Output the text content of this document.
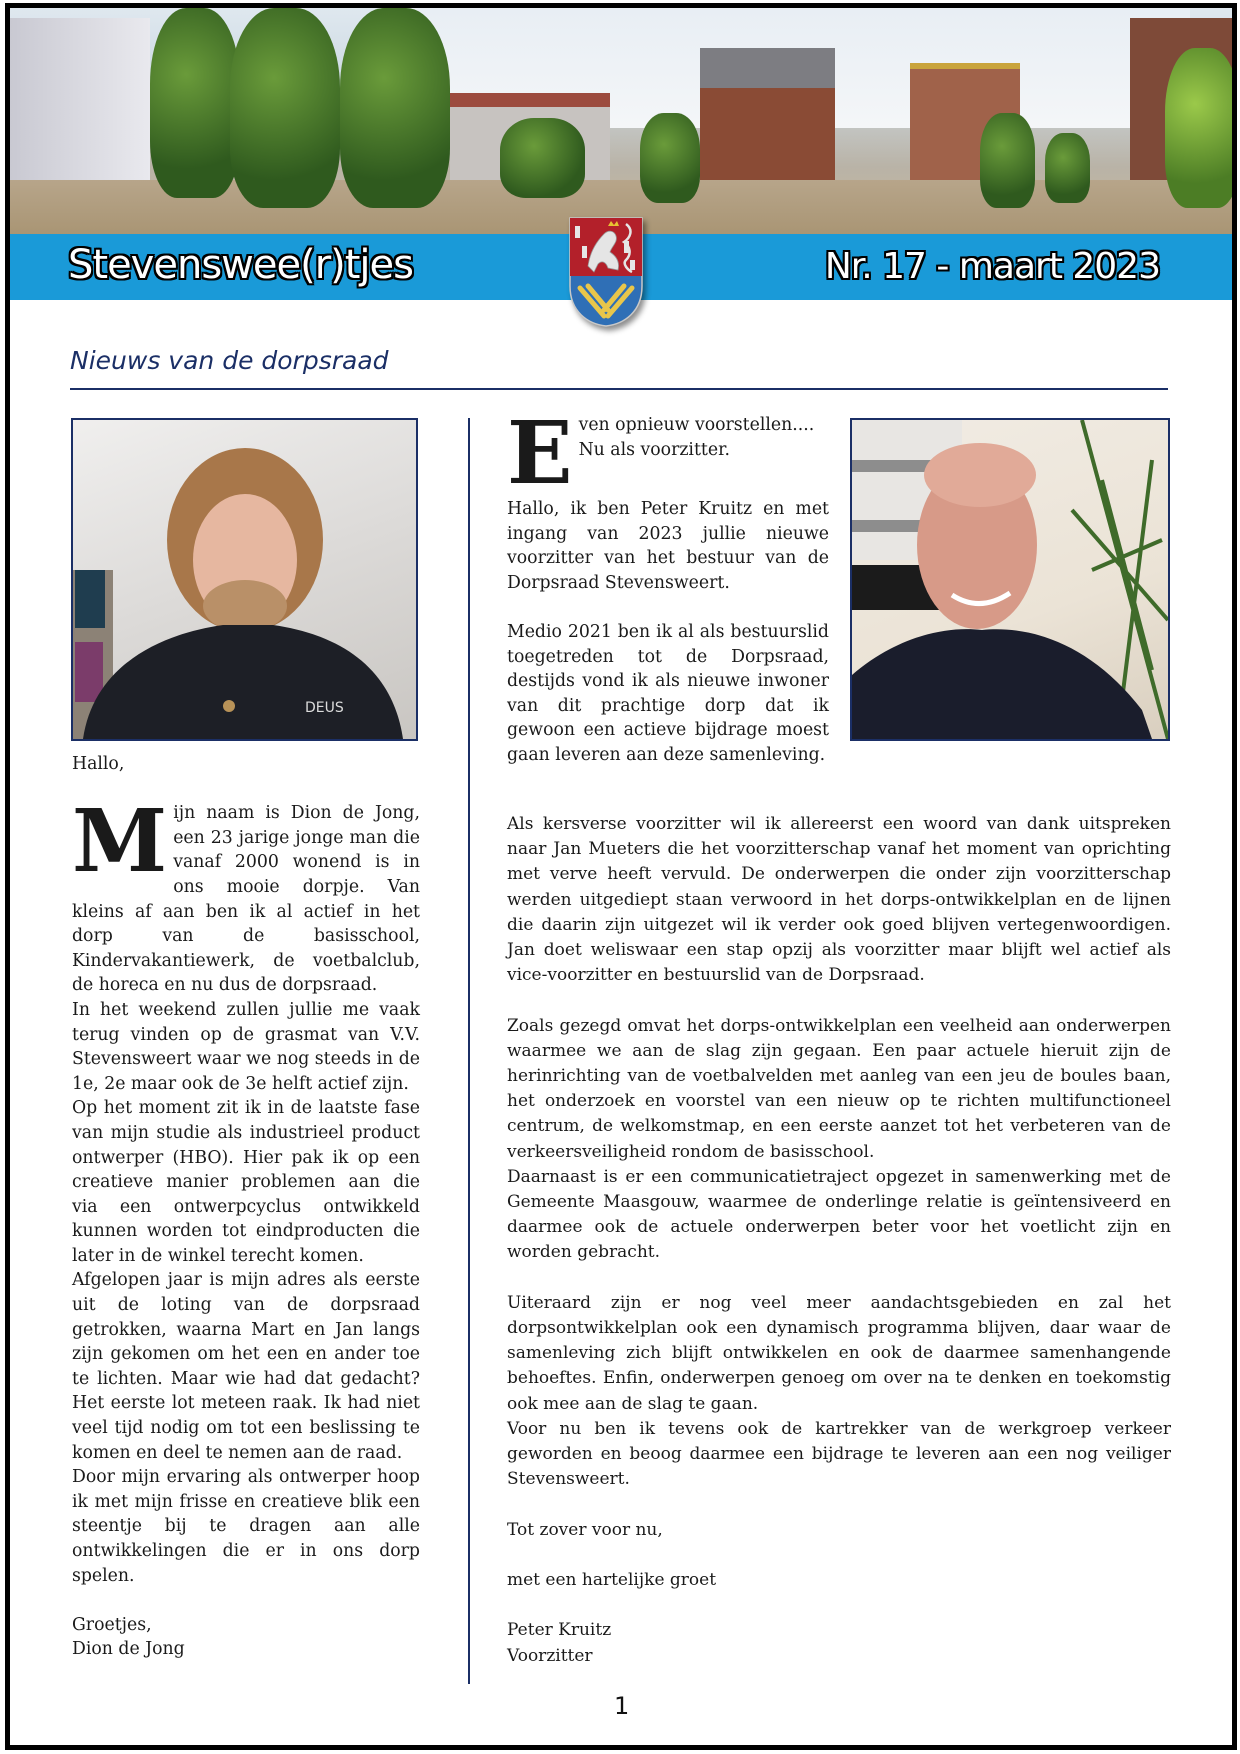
Stevenswee(r)tjes	Nr. 17 - maart 2023
Nieuws van de dorpsraad
DEUS

Hallo,

Mijn naam is Dion de Jong, een 23 jarige jonge man die vanaf 2000 wonend is in ons mooie dorpje. Van kleins af aan ben ik al actief in het dorp van de basisschool, Kindervakantiewerk, de voetbalclub, de horeca en nu dus de dorpsraad.

In het weekend zullen jullie me vaak terug vinden op de grasmat van V.V. Stevensweert waar we nog steeds in de 1e, 2e maar ook de 3e helft actief zijn.

Op het moment zit ik in de laatste fase van mijn studie als industrieel product ontwerper (HBO). Hier pak ik op een creatieve manier problemen aan die via een ontwerpcyclus ontwikkeld kunnen worden tot eindproducten die later in de winkel terecht komen.

Afgelopen jaar is mijn adres als eerste uit de loting van de dorpsraad getrokken, waarna Mart en Jan langs zijn gekomen om het een en ander toe te lichten. Maar wie had dat gedacht? Het eerste lot meteen raak. Ik had niet veel tijd nodig om tot een beslissing te komen en deel te nemen aan de raad.

Door mijn ervaring als ontwerper hoop ik met mijn frisse en creatieve blik een steentje bij te dragen aan alle ontwikkelingen die er in ons dorp spelen.

Groetjes,

Dion de Jong

Even opnieuw voorstellen.... Nu als voorzitter.

Hallo, ik ben Peter Kruitz en met ingang van 2023 jullie nieuwe voorzitter van het bestuur van de Dorpsraad Stevensweert.

Medio 2021 ben ik al als bestuurslid toegetreden tot de Dorpsraad, destijds vond ik als nieuwe inwoner van dit prachtige dorp dat ik gewoon een actieve bijdrage moest gaan leveren aan deze samenleving.

Als kersverse voorzitter wil ik allereerst een woord van dank uitspreken naar Jan Mueters die het voorzitterschap vanaf het moment van oprichting met verve heeft vervuld. De onderwerpen die onder zijn voorzitterschap werden uitgediept staan verwoord in het dorps-ontwikkelplan en de lijnen die daarin zijn uitgezet wil ik verder ook goed blijven vertegenwoordigen. Jan doet weliswaar een stap opzij als voorzitter maar blijft wel actief als vice-voorzitter en bestuurslid van de Dorpsraad.

Zoals gezegd omvat het dorps-ontwikkelplan een veelheid aan onderwerpen waarmee we aan de slag zijn gegaan. Een paar actuele hieruit zijn de herinrichting van de voetbalvelden met aanleg van een jeu de boules baan, het onderzoek en voorstel van een nieuw op te richten multifunctioneel centrum, de welkomstmap, en een eerste aanzet tot het verbeteren van de verkeersveiligheid rondom de basisschool.

Daarnaast is er een communicatietraject opgezet in samenwerking met de Gemeente Maasgouw, waarmee de onderlinge relatie is geïntensiveerd en daarmee ook de actuele onderwerpen beter voor het voetlicht zijn en worden gebracht.

Uiteraard zijn er nog veel meer aandachtsgebieden en zal het dorpsontwikkelplan ook een dynamisch programma blijven, daar waar de samenleving zich blijft ontwikkelen en ook de daarmee samenhangende behoeftes. Enfin, onderwerpen genoeg om over na te denken en toekomstig ook mee aan de slag te gaan.

Voor nu ben ik tevens ook de kartrekker van de werkgroep verkeer geworden en beoog daarmee een bijdrage te leveren aan een nog veiliger Stevensweert.

Tot zover voor nu,

met een hartelijke groet

Peter Kruitz

Voorzitter

1
